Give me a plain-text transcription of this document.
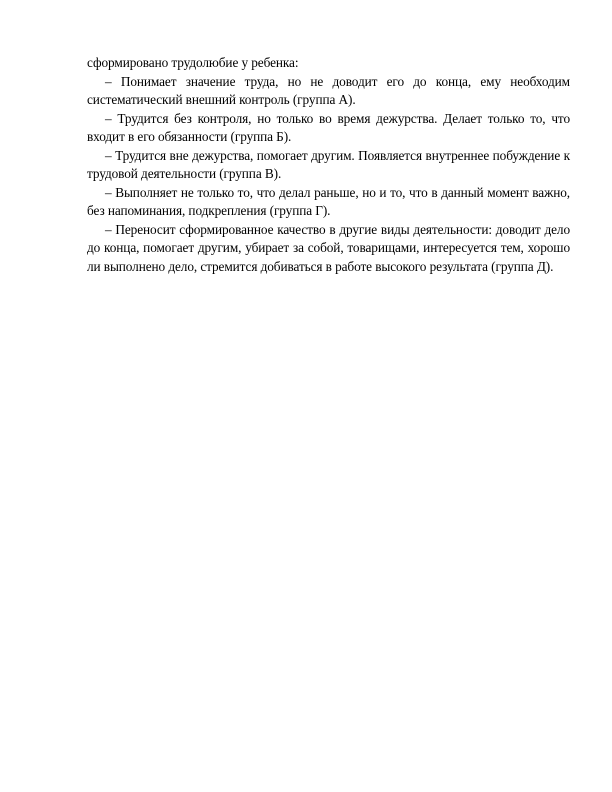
сформировано трудолюбие у ребенка:

– Понимает значение труда, но не доводит его до конца, ему необходим систематический внешний контроль (группа А).

– Трудится без контроля, но только во время дежурства. Делает только то, что входит в его обязанности (группа Б).

– Трудится вне дежурства, помогает другим. Появляется внутреннее побуждение к трудовой деятельности (группа В).

– Выполняет не только то, что делал раньше, но и то, что в данный момент важно, без напоминания, подкрепления (группа Г).

– Переносит сформированное качество в другие виды деятельности: доводит дело до конца, помогает другим, убирает за собой, товарищами, интересуется тем, хорошо ли выполнено дело, стремится добиваться в работе высокого результата (группа Д).
